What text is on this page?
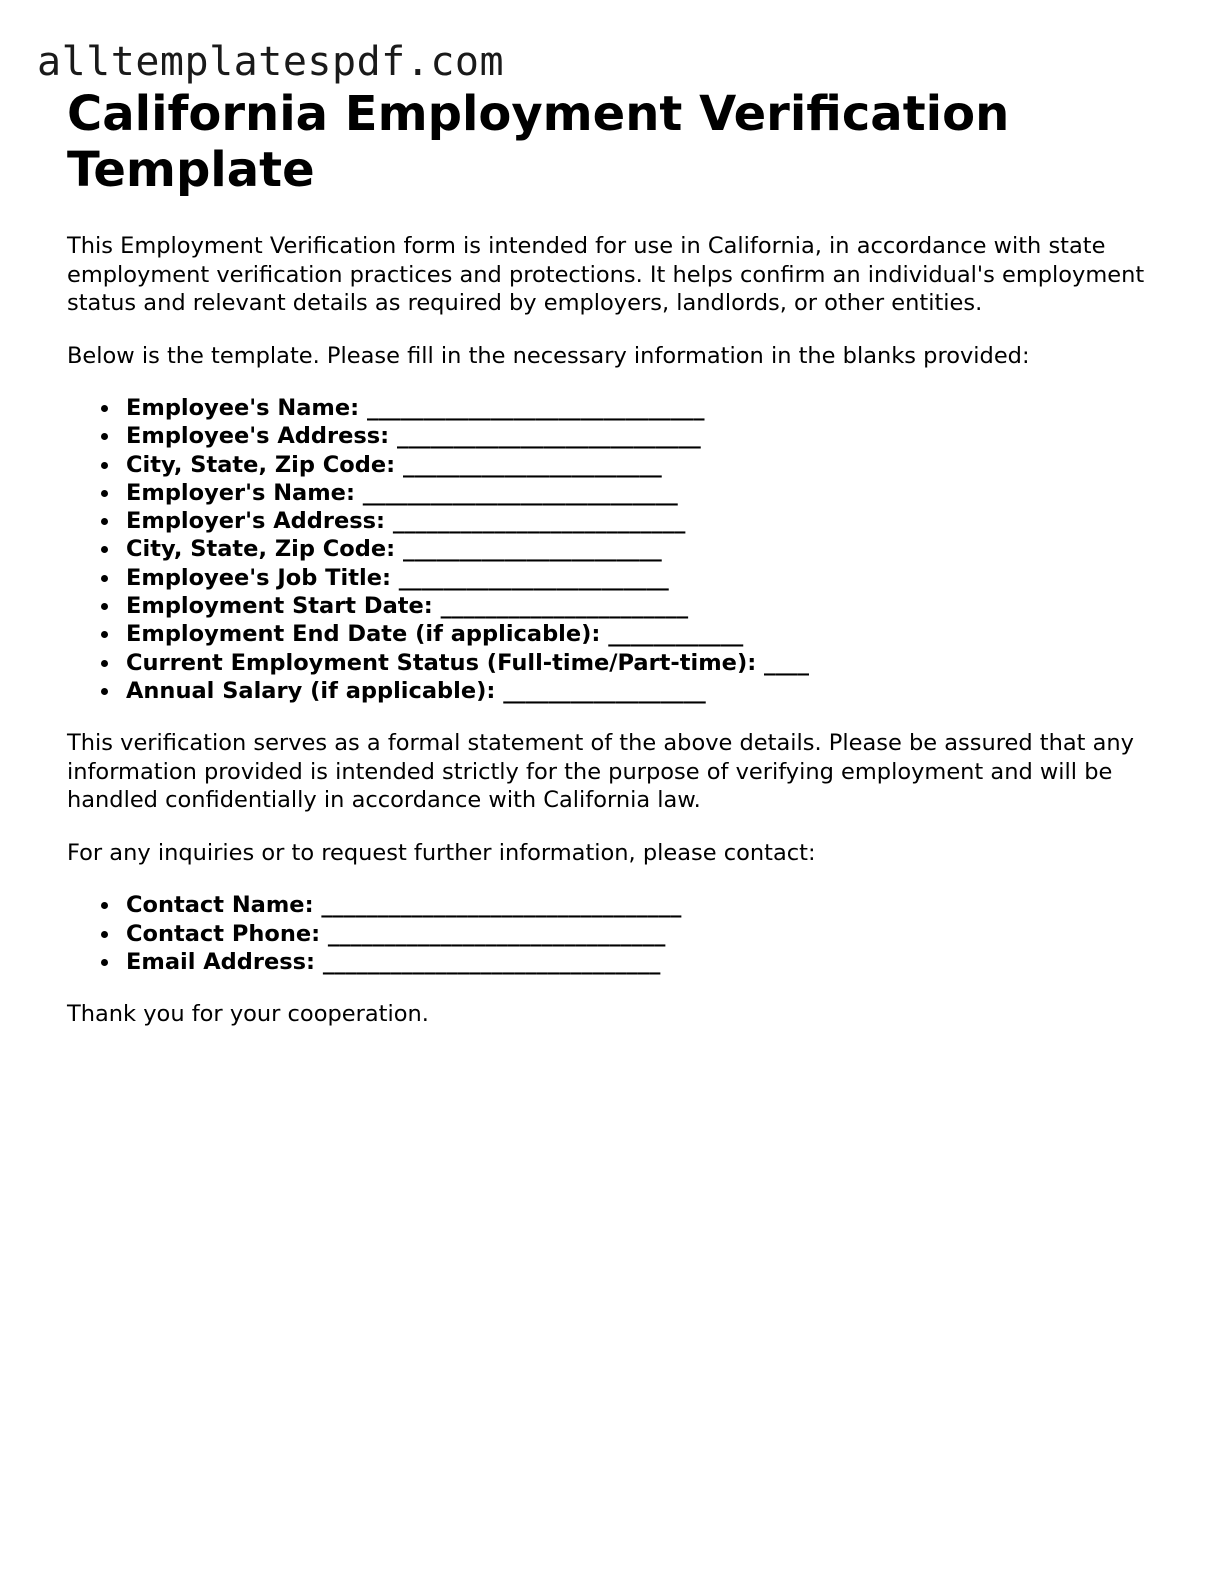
alltemplatespdf.com
California Employment Verification Template

This Employment Verification form is intended for use in California, in accordance with state employment verification practices and protections. It helps confirm an individual's employment status and relevant details as required by employers, landlords, or other entities.

Below is the template. Please fill in the necessary information in the blanks provided:

Employee's Name: ______________________________
Employee's Address: ___________________________
City, State, Zip Code: _______________________
Employer's Name: ____________________________
Employer's Address: __________________________
City, State, Zip Code: _______________________
Employee's Job Title: ________________________
Employment Start Date: ______________________
Employment End Date (if applicable): ____________
Current Employment Status (Full-time/Part-time): ____
Annual Salary (if applicable): __________________

This verification serves as a formal statement of the above details. Please be assured that any information provided is intended strictly for the purpose of verifying employment and will be handled confidentially in accordance with California law.

For any inquiries or to request further information, please contact:

Contact Name: ________________________________
Contact Phone: ______________________________
Email Address: ______________________________

Thank you for your cooperation.
